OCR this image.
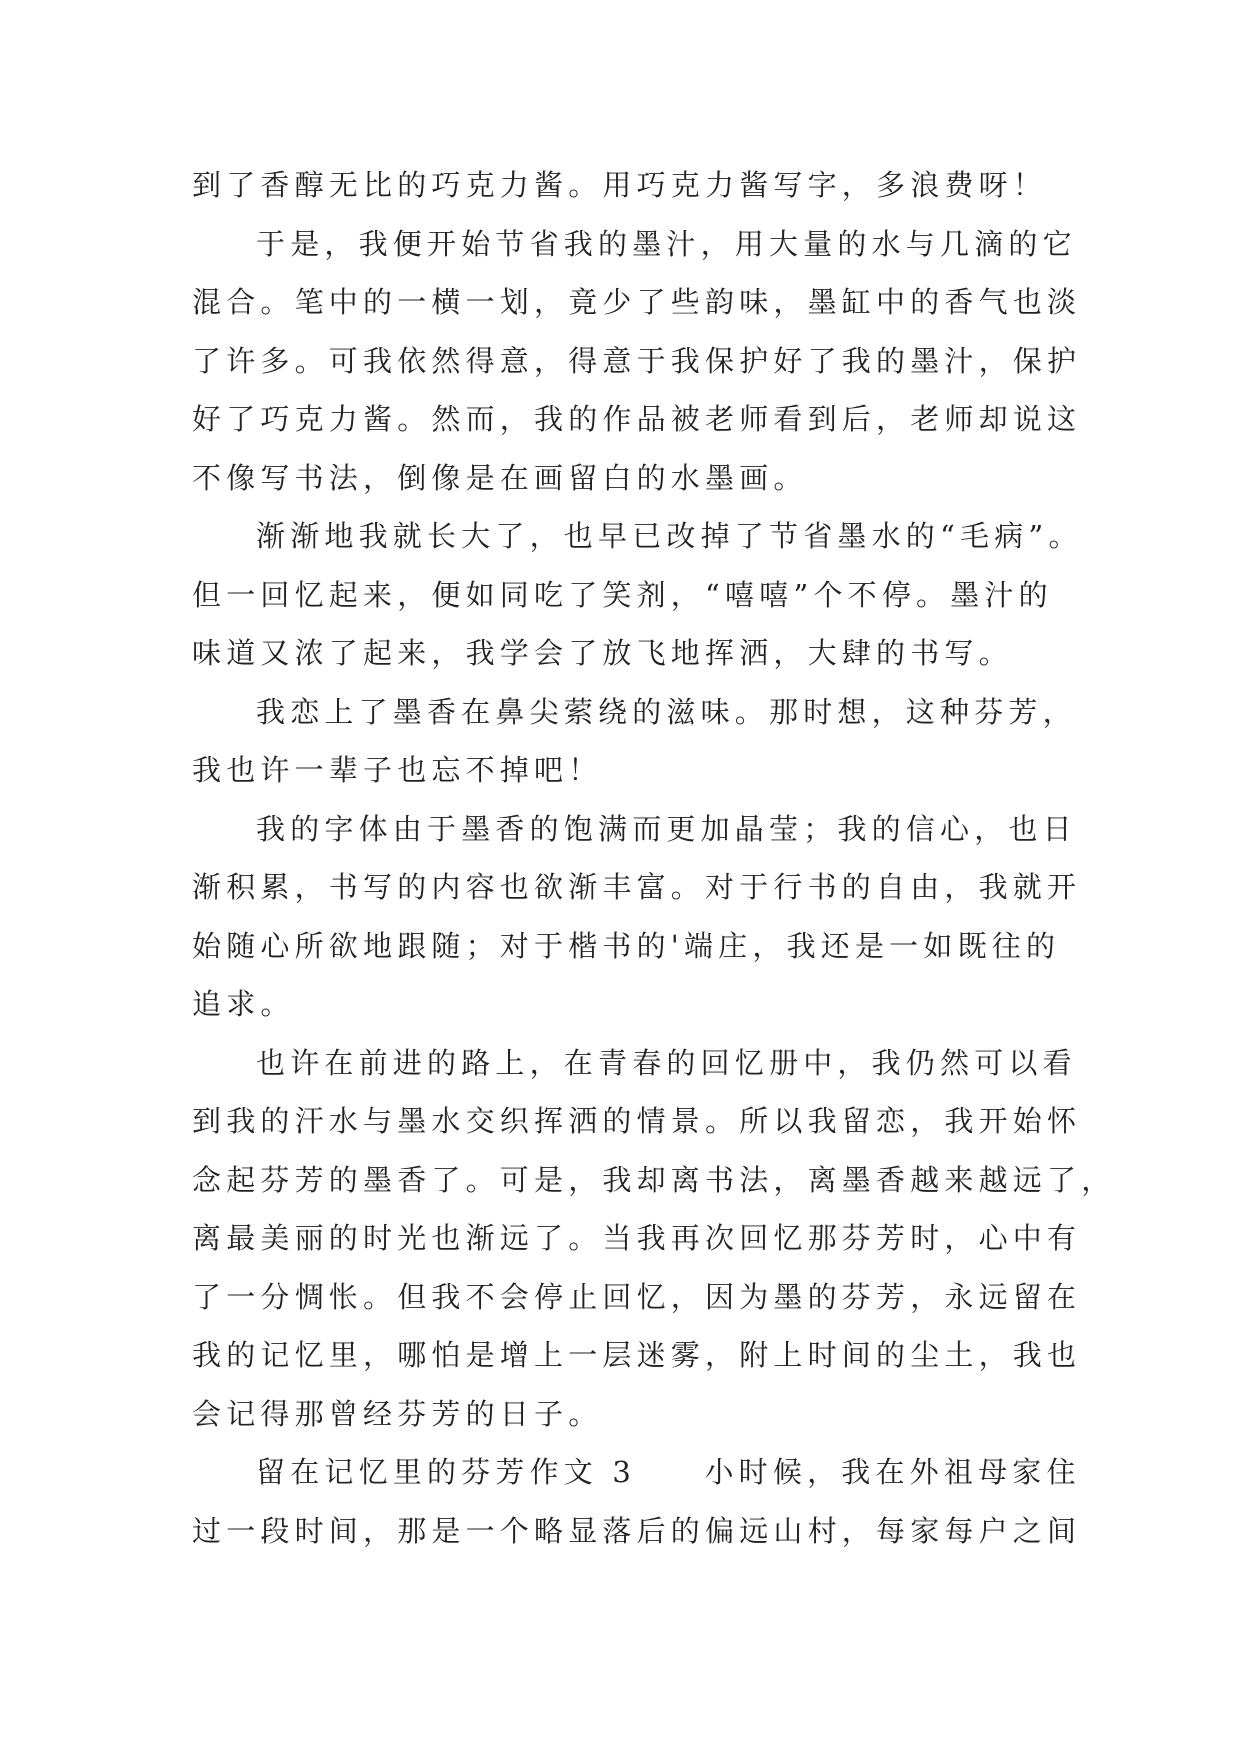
到了香醇无比的巧克力酱。用巧克力酱写字，多浪费呀！
于是，我便开始节省我的墨汁，用大量的水与几滴的它
混合。笔中的一横一划，竟少了些韵味，墨缸中的香气也淡
了许多。可我依然得意，得意于我保护好了我的墨汁，保护
好了巧克力酱。然而，我的作品被老师看到后，老师却说这
不像写书法，倒像是在画留白的水墨画。
渐渐地我就长大了，也早已改掉了节省墨水的“毛病”。
但一回忆起来，便如同吃了笑剂，“嘻嘻”个不停。墨汁的
味道又浓了起来，我学会了放飞地挥洒，大肆的书写。
我恋上了墨香在鼻尖萦绕的滋味。那时想，这种芬芳，
我也许一辈子也忘不掉吧！
我的字体由于墨香的饱满而更加晶莹；我的信心，也日
渐积累，书写的内容也欲渐丰富。对于行书的自由，我就开
始随心所欲地跟随；对于楷书的'端庄，我还是一如既往的
追求。
也许在前进的路上，在青春的回忆册中，我仍然可以看
到我的汗水与墨水交织挥洒的情景。所以我留恋，我开始怀
念起芬芳的墨香了。可是，我却离书法，离墨香越来越远了，
离最美丽的时光也渐远了。当我再次回忆那芬芳时，心中有
了一分惆怅。但我不会停止回忆，因为墨的芬芳，永远留在
我的记忆里，哪怕是增上一层迷雾，附上时间的尘土，我也
会记得那曾经芬芳的日子。
留在记忆里的芬芳作文 3　　小时候，我在外祖母家住
过一段时间，那是一个略显落后的偏远山村，每家每户之间
